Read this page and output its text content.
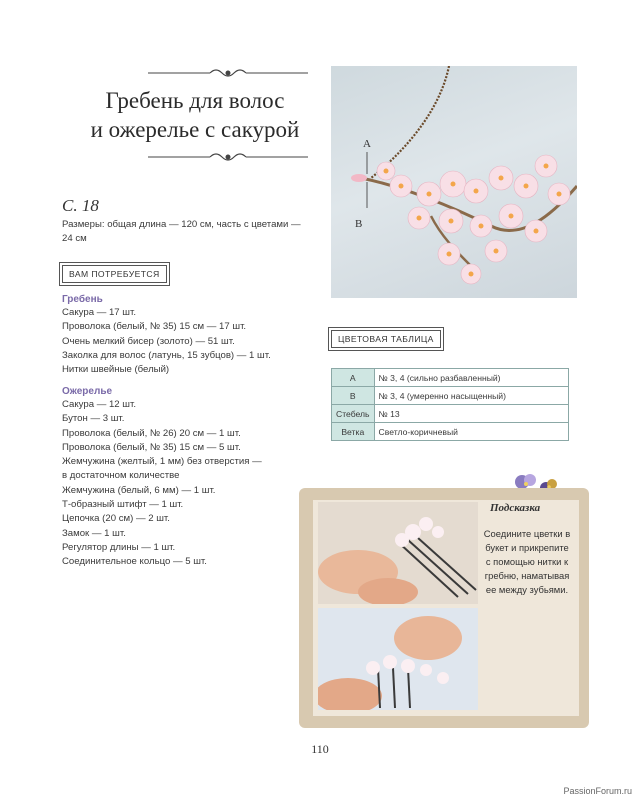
Гребень для волос
и ожерелье с сакурой
С. 18
Размеры: общая длина — 120 см, часть с цветами — 24 см
ВАМ ПОТРЕБУЕТСЯ
Гребень
Сакура — 17 шт.
Проволока (белый, № 35) 15 см — 17 шт.
Очень мелкий бисер (золото) — 51 шт.
Заколка для волос (латунь, 15 зубцов) — 1 шт.
Нитки швейные (белый)
Ожерелье
Сакура — 12 шт.
Бутон — 3 шт.
Проволока (белый, № 26) 20 см — 1 шт.
Проволока (белый, № 35) 15 см — 5 шт.
Жемчужина (желтый, 1 мм) без отверстия —
в достаточном количестве
Жемчужина (белый, 6 мм) — 1 шт.
Т-образный штифт — 1 шт.
Цепочка (20 см) — 2 шт.
Замок — 1 шт.
Регулятор длины — 1 шт.
Соединительное кольцо — 5 шт.
A
B
ЦВЕТОВАЯ ТАБЛИЦА
A	№ 3, 4 (сильно разбавленный)
B	№ 3, 4 (умеренно насыщенный)
Стебель	№ 13
Ветка	Светло-коричневый
Подсказка
Соедините цветки в букет и прикрепите с помощью нитки к гребню, наматывая ее между зубьями.
110
PassionForum.ru
